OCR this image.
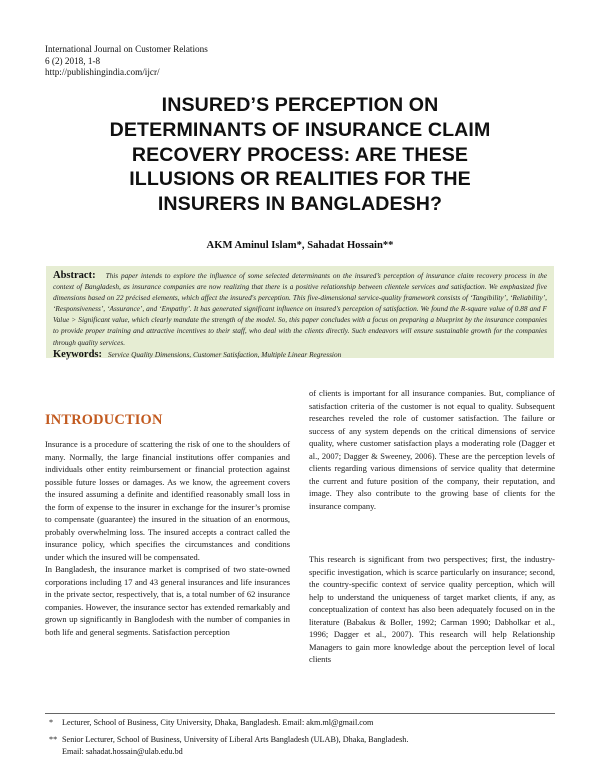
International Journal on Customer Relations
6 (2) 2018, 1-8
http://publishingindia.com/ijcr/
INSURED’S PERCEPTION ON
DETERMINANTS OF INSURANCE CLAIM
RECOVERY PROCESS: ARE THESE
ILLUSIONS OR REALITIES FOR THE
INSURERS IN BANGLADESH?
AKM Aminul Islam*, Sahadat Hossain**

Abstract: This paper intends to explore the influence of some selected determinants on the insured’s perception of insurance claim recovery process in the context of Bangladesh, as insurance companies are now realizing that there is a positive relationship between clientele services and satisfaction. We emphasized five dimensions based on 22 précised elements, which affect the insured's perception. This five-dimensional service-quality framework consists of ‘Tangibility’, ‘Reliability’, ‘Responsiveness’, ‘Assurance’, and ‘Empathy’. It has generated significant influence on insured's perception of satisfaction. We found the R-square value of 0.88 and F Value > Significant value, which clearly mandate the strength of the model. So, this paper concludes with a focus on preparing a blueprint by the insurance companies to provide proper training and attractive incentives to their staff, who deal with the clients directly. Such endeavors will ensure sustainable growth for the companies through quality services.

Keywords: Service Quality Dimensions, Customer Satisfaction, Multiple Linear Regression

INTRODUCTION

Insurance is a procedure of scattering the risk of one to the shoulders of many. Normally, the large financial institutions offer companies and individuals other entity reimbursement or financial protection against possible future losses or damages. As we know, the agreement covers the insured assuming a definite and identified reasonably small loss in the form of expense to the insurer in exchange for the insurer’s promise to compensate (guarantee) the insured in the situation of an enormous, probably overwhelming loss. The insured accepts a contract called the insurance policy, which specifies the circumstances and conditions under which the insured will be compensated.

In Bangladesh, the insurance market is comprised of two state-owned corporations including 17 and 43 general insurances and life insurances in the private sector, respectively, that is, a total number of 62 insurance companies. However, the insurance sector has extended remarkably and grown up significantly in Banglodesh with the number of companies in both life and general segments. Satisfaction perception

of clients is important for all insurance companies. But, compliance of satisfaction criteria of the customer is not equal to quality. Subsequent researches reveled the role of customer satisfaction. The failure or success of any system depends on the critical dimensions of service quality, where customer satisfaction plays a moderating role (Dagger et al., 2007; Dagger & Sweeney, 2006). These are the perception levels of clients regarding various dimensions of service quality that determine the current and future position of the company, their reputation, and image. They also contribute to the growing base of clients for the insurance company.

This research is significant from two perspectives; first, the industry-specific investigation, which is scarce particularly on insurance; second, the country-specific context of service quality perception, which will help to understand the uniqueness of target market clients, if any, as conceptualization of context has also been adequately focused on in the literature (Babakus & Boller, 1992; Carman 1990; Dabholkar et al., 1996; Dagger et al., 2007). This research will help Relationship Managers to gain more knowledge about the perception level of local clients

* Lecturer, School of Business, City University, Dhaka, Bangladesh. Email: akm.ml@gmail.com
** Senior Lecturer, School of Business, University of Liberal Arts Bangladesh (ULAB), Dhaka, Bangladesh.
Email: sahadat.hossain@ulab.edu.bd
